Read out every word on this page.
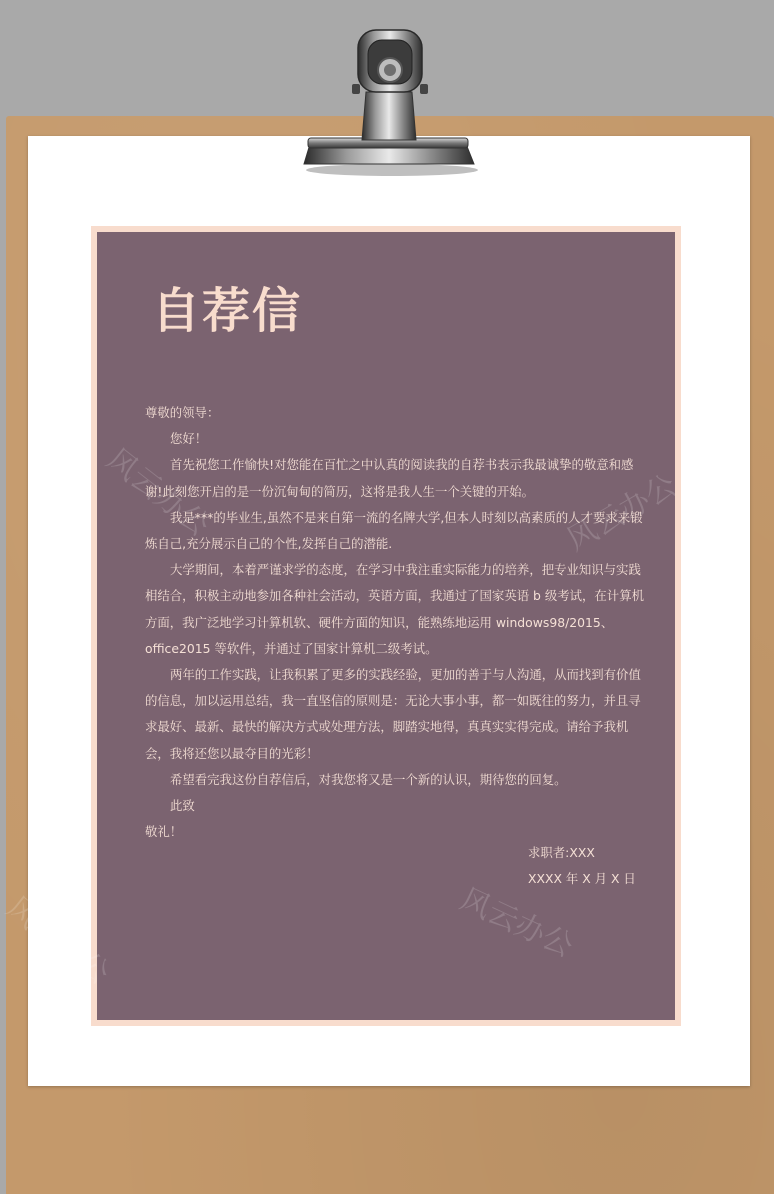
自荐信

尊敬的领导：

您好！

首先祝您工作愉快!对您能在百忙之中认真的阅读我的自荐书表示我最诚挚的敬意和感谢!此刻您开启的是一份沉甸甸的简历，这将是我人生一个关键的开始。

我是***的毕业生,虽然不是来自第一流的名牌大学,但本人时刻以高素质的人才要求来锻炼自己,充分展示自己的个性,发挥自己的潜能.

大学期间，本着严谨求学的态度，在学习中我注重实际能力的培养，把专业知识与实践相结合，积极主动地参加各种社会活动，英语方面，我通过了国家英语 b 级考试，在计算机方面，我广泛地学习计算机软、硬件方面的知识，能熟练地运用 windows98/2015、office2015 等软件，并通过了国家计算机二级考试。

两年的工作实践，让我积累了更多的实践经验，更加的善于与人沟通，从而找到有价值的信息，加以运用总结，我一直坚信的原则是：无论大事小事，都一如既往的努力，并且寻求最好、最新、最快的解决方式或处理方法，脚踏实地得，真真实实得完成。请给予我机会，我将还您以最夺目的光彩！

希望看完我这份自荐信后，对我您将又是一个新的认识，期待您的回复。

此致

敬礼！

求职者:XXX

XXXX 年 X 月 X 日
